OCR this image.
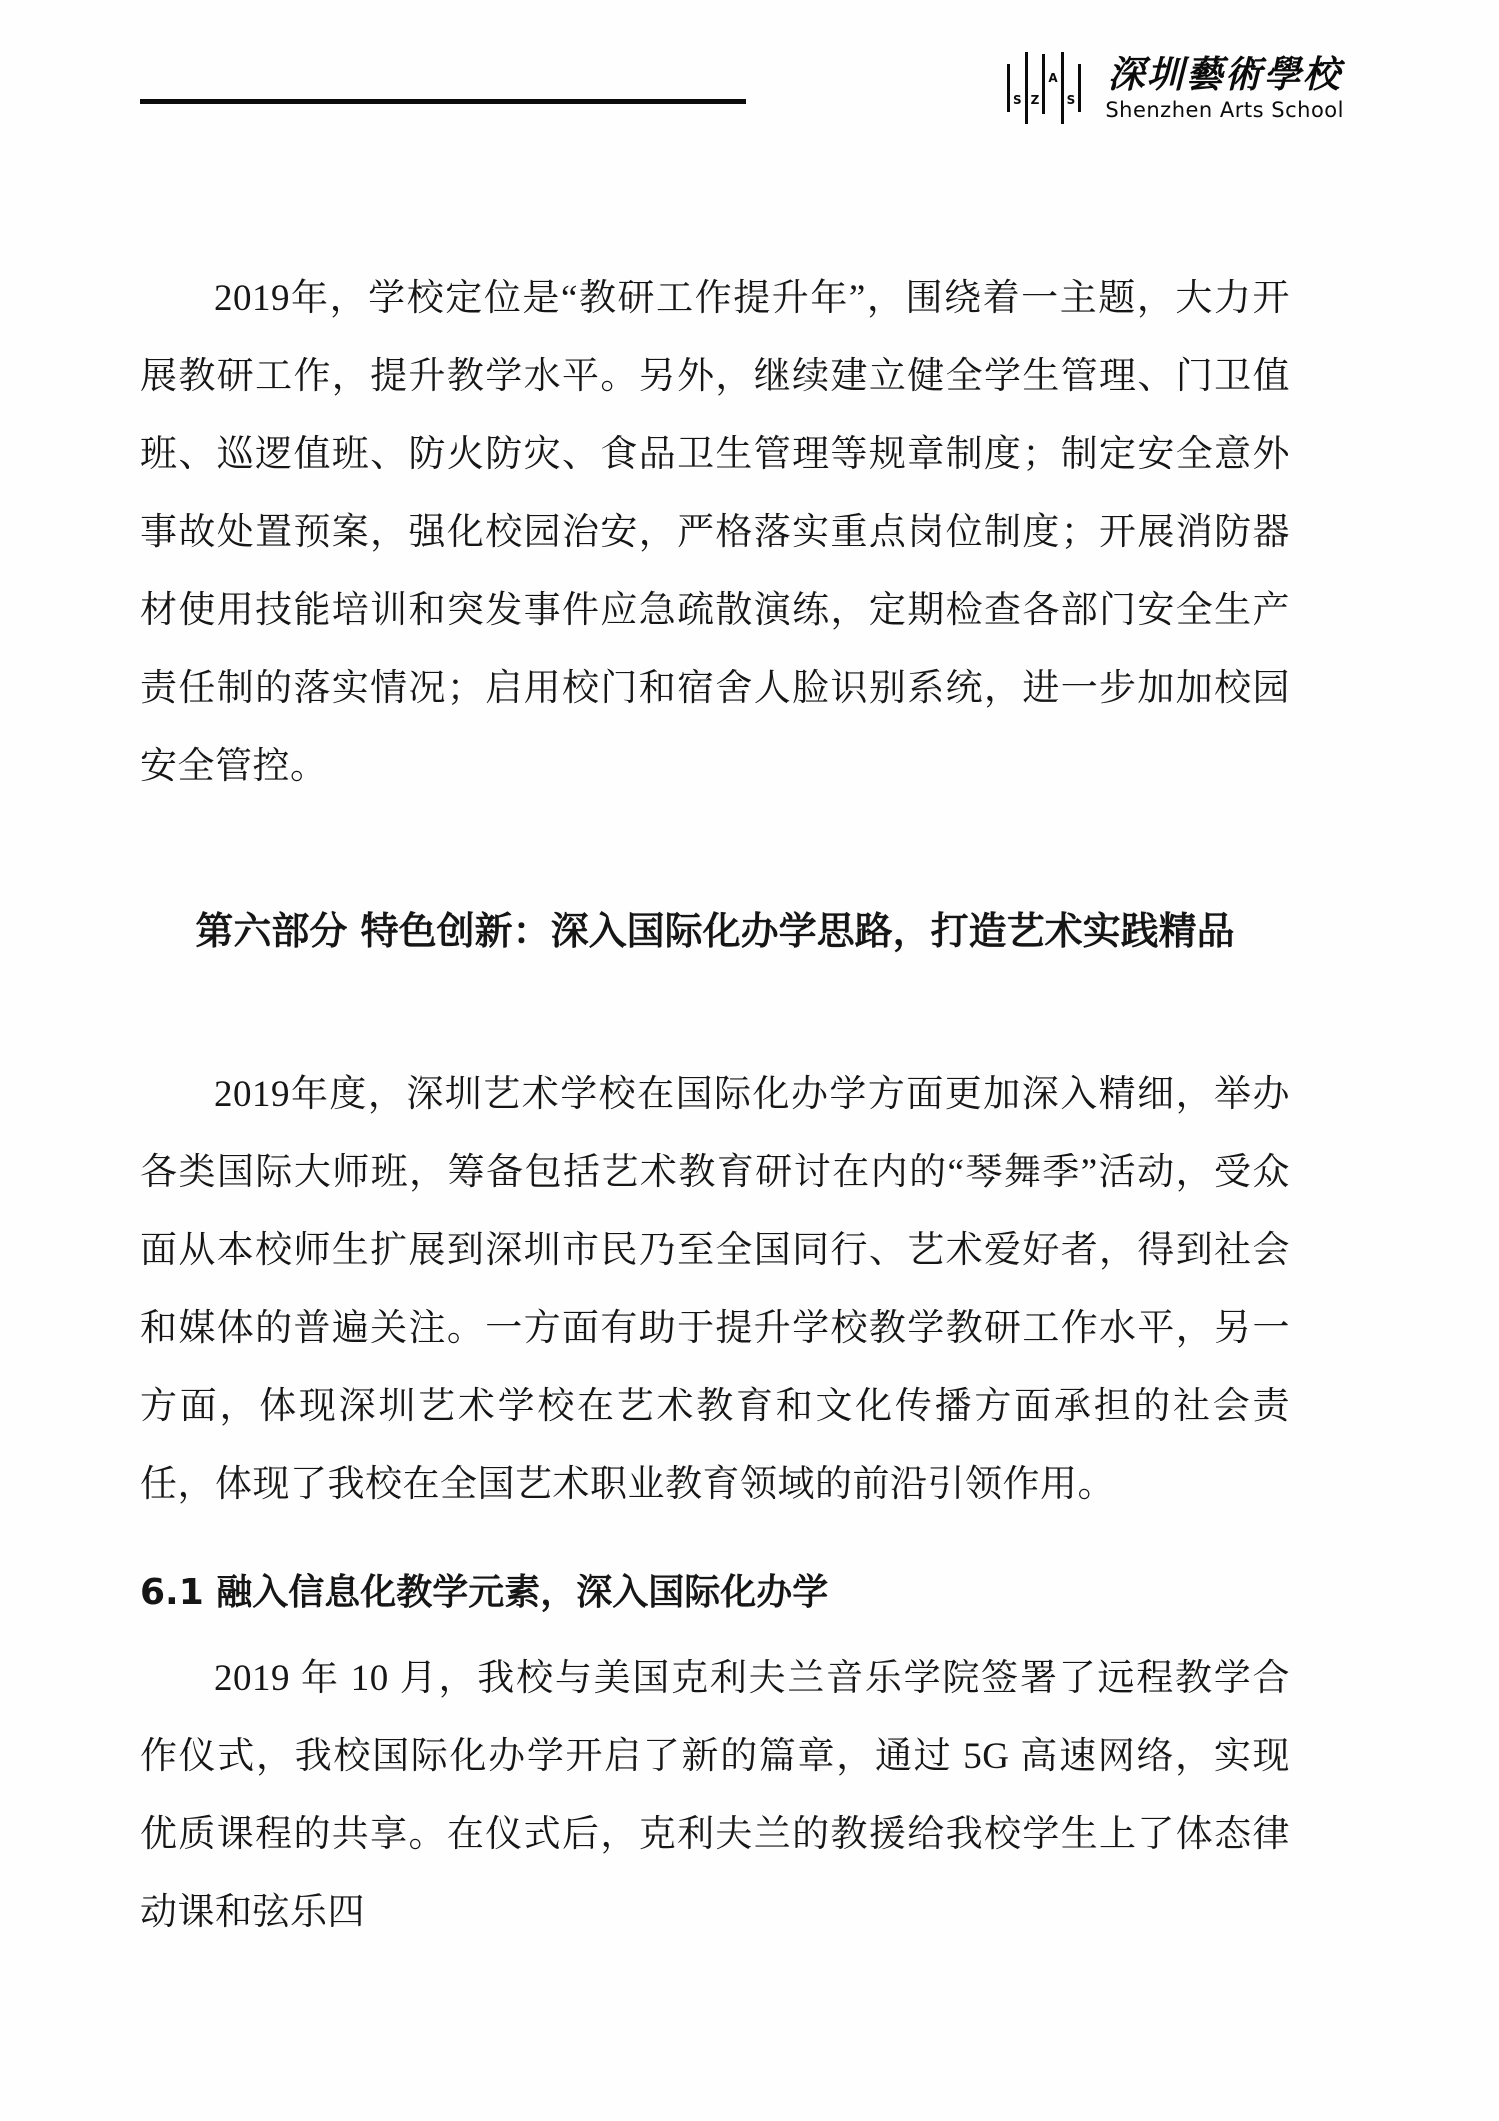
S Z
A
S
深圳藝術學校
Shenzhen Arts School

2019年，学校定位是“教研工作提升年”，围绕着一主题，大力开展教研工作，提升教学水平。另外，继续建立健全学生管理、门卫值班、巡逻值班、防火防灾、食品卫生管理等规章制度；制定安全意外事故处置预案，强化校园治安，严格落实重点岗位制度；开展消防器材使用技能培训和突发事件应急疏散演练，定期检查各部门安全生产责任制的落实情况；启用校门和宿舍人脸识别系统，进一步加加校园安全管控。

第六部分 特色创新：深入国际化办学思路，打造艺术实践精品

2019年度，深圳艺术学校在国际化办学方面更加深入精细，举办各类国际大师班，筹备包括艺术教育研讨在内的“琴舞季”活动，受众面从本校师生扩展到深圳市民乃至全国同行、艺术爱好者，得到社会和媒体的普遍关注。一方面有助于提升学校教学教研工作水平，另一方面，体现深圳艺术学校在艺术教育和文化传播方面承担的社会责任，体现了我校在全国艺术职业教育领域的前沿引领作用。

6.1 融入信息化教学元素，深入国际化办学

2019 年 10 月，我校与美国克利夫兰音乐学院签署了远程教学合作仪式，我校国际化办学开启了新的篇章，通过 5G 高速网络，实现优质课程的共享。在仪式后，克利夫兰的教援给我校学生上了体态律动课和弦乐四
